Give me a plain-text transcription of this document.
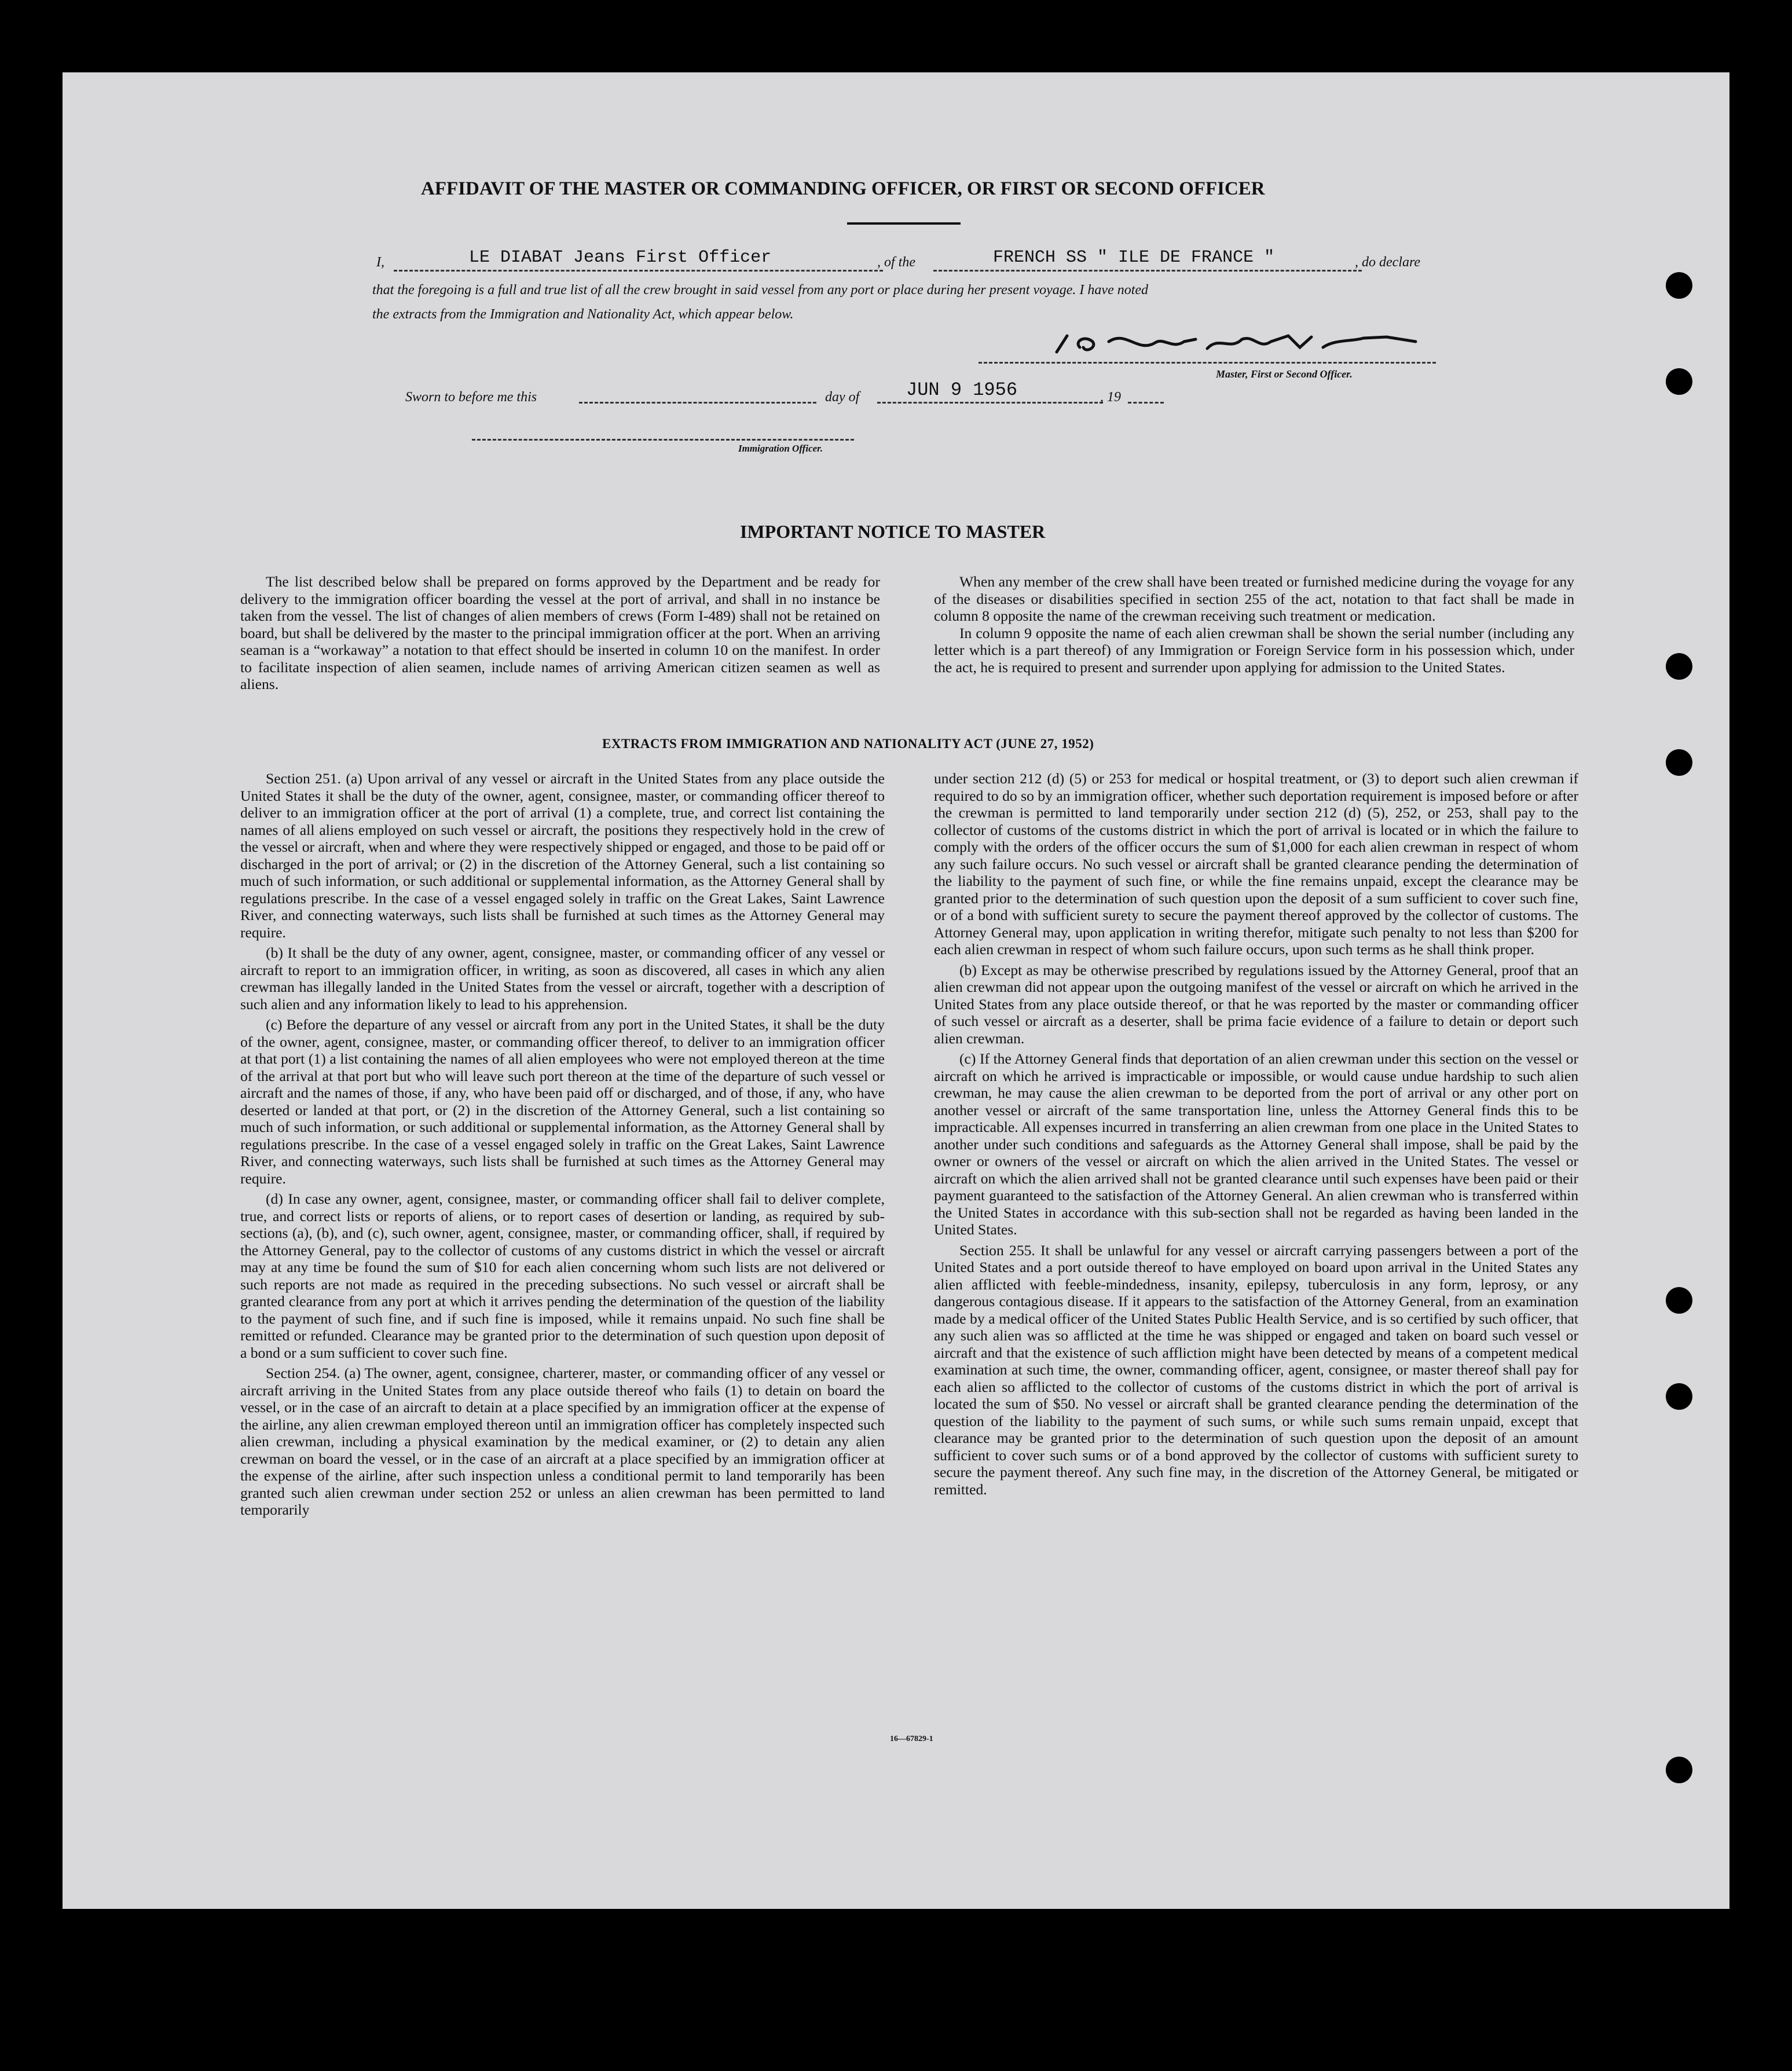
AFFIDAVIT OF THE MASTER OR COMMANDING OFFICER, OR FIRST OR SECOND OFFICER
I,	LE DIABAT Jeans First Officer	, of the	FRENCH SS " ILE DE FRANCE "	, do declare
that the foregoing is a full and true list of all the crew brought in said vessel from any port or place during her present voyage. I have noted
the extracts from the Immigration and Nationality Act, which appear below.
Master, First or Second Officer.
Sworn to before me this	day of	JUN 9 1956	, 19
Immigration Officer.
IMPORTANT NOTICE TO MASTER

The list described below shall be prepared on forms approved by the Department and be ready for delivery to the immigration officer boarding the vessel at the port of arrival, and shall in no instance be taken from the vessel. The list of changes of alien members of crews (Form I-489) shall not be retained on board, but shall be delivered by the master to the principal immigration officer at the port. When an arriving seaman is a “workaway” a notation to that effect should be inserted in column 10 on the manifest. In order to facilitate inspection of alien seamen, include names of arriving American citizen seamen as well as aliens.

When any member of the crew shall have been treated or furnished medicine during the voyage for any of the diseases or disabilities specified in section 255 of the act, notation to that fact shall be made in column 8 opposite the name of the crewman receiving such treatment or medication.

In column 9 opposite the name of each alien crewman shall be shown the serial number (including any letter which is a part thereof) of any Immigration or Foreign Service form in his possession which, under the act, he is required to present and surrender upon applying for admission to the United States.

EXTRACTS FROM IMMIGRATION AND NATIONALITY ACT (JUNE 27, 1952)

Section 251. (a) Upon arrival of any vessel or aircraft in the United States from any place outside the United States it shall be the duty of the owner, agent, consignee, master, or commanding officer thereof to deliver to an immigration officer at the port of arrival (1) a complete, true, and correct list containing the names of all aliens employed on such vessel or aircraft, the positions they respectively hold in the crew of the vessel or aircraft, when and where they were respectively shipped or engaged, and those to be paid off or discharged in the port of arrival; or (2) in the discretion of the Attorney General, such a list containing so much of such information, or such additional or supplemental information, as the Attorney General shall by regulations prescribe. In the case of a vessel engaged solely in traffic on the Great Lakes, Saint Lawrence River, and connecting waterways, such lists shall be furnished at such times as the Attorney General may require.

(b) It shall be the duty of any owner, agent, consignee, master, or commanding officer of any vessel or aircraft to report to an immigration officer, in writing, as soon as discovered, all cases in which any alien crewman has illegally landed in the United States from the vessel or aircraft, together with a description of such alien and any information likely to lead to his apprehension.

(c) Before the departure of any vessel or aircraft from any port in the United States, it shall be the duty of the owner, agent, consignee, master, or commanding officer thereof, to deliver to an immigration officer at that port (1) a list containing the names of all alien employees who were not employed thereon at the time of the arrival at that port but who will leave such port thereon at the time of the departure of such vessel or aircraft and the names of those, if any, who have been paid off or discharged, and of those, if any, who have deserted or landed at that port, or (2) in the discretion of the Attorney General, such a list containing so much of such information, or such additional or supplemental information, as the Attorney General shall by regulations prescribe. In the case of a vessel engaged solely in traffic on the Great Lakes, Saint Lawrence River, and connecting waterways, such lists shall be furnished at such times as the Attorney General may require.

(d) In case any owner, agent, consignee, master, or commanding officer shall fail to deliver complete, true, and correct lists or reports of aliens, or to report cases of desertion or landing, as required by sub-sections (a), (b), and (c), such owner, agent, consignee, master, or commanding officer, shall, if required by the Attorney General, pay to the collector of customs of any customs district in which the vessel or aircraft may at any time be found the sum of $10 for each alien concerning whom such lists are not delivered or such reports are not made as required in the preceding subsections. No such vessel or aircraft shall be granted clearance from any port at which it arrives pending the determination of the question of the liability to the payment of such fine, and if such fine is imposed, while it remains unpaid. No such fine shall be remitted or refunded. Clearance may be granted prior to the determination of such question upon deposit of a bond or a sum sufficient to cover such fine.

Section 254. (a) The owner, agent, consignee, charterer, master, or commanding officer of any vessel or aircraft arriving in the United States from any place outside thereof who fails (1) to detain on board the vessel, or in the case of an aircraft to detain at a place specified by an immigration officer at the expense of the airline, any alien crewman employed thereon until an immigration officer has completely inspected such alien crewman, including a physical examination by the medical examiner, or (2) to detain any alien crewman on board the vessel, or in the case of an aircraft at a place specified by an immigration officer at the expense of the airline, after such inspection unless a conditional permit to land temporarily has been granted such alien crewman under section 252 or unless an alien crewman has been permitted to land temporarily

under section 212 (d) (5) or 253 for medical or hospital treatment, or (3) to deport such alien crewman if required to do so by an immigration officer, whether such deportation requirement is imposed before or after the crewman is permitted to land temporarily under section 212 (d) (5), 252, or 253, shall pay to the collector of customs of the customs district in which the port of arrival is located or in which the failure to comply with the orders of the officer occurs the sum of $1,000 for each alien crewman in respect of whom any such failure occurs. No such vessel or aircraft shall be granted clearance pending the determination of the liability to the payment of such fine, or while the fine remains unpaid, except the clearance may be granted prior to the determination of such question upon the deposit of a sum sufficient to cover such fine, or of a bond with sufficient surety to secure the payment thereof approved by the collector of customs. The Attorney General may, upon application in writing therefor, mitigate such penalty to not less than $200 for each alien crewman in respect of whom such failure occurs, upon such terms as he shall think proper.

(b) Except as may be otherwise prescribed by regulations issued by the Attorney General, proof that an alien crewman did not appear upon the outgoing manifest of the vessel or aircraft on which he arrived in the United States from any place outside thereof, or that he was reported by the master or commanding officer of such vessel or aircraft as a deserter, shall be prima facie evidence of a failure to detain or deport such alien crewman.

(c) If the Attorney General finds that deportation of an alien crewman under this section on the vessel or aircraft on which he arrived is impracticable or impossible, or would cause undue hardship to such alien crewman, he may cause the alien crewman to be deported from the port of arrival or any other port on another vessel or aircraft of the same transportation line, unless the Attorney General finds this to be impracticable. All expenses incurred in transferring an alien crewman from one place in the United States to another under such conditions and safeguards as the Attorney General shall impose, shall be paid by the owner or owners of the vessel or aircraft on which the alien arrived in the United States. The vessel or aircraft on which the alien arrived shall not be granted clearance until such expenses have been paid or their payment guaranteed to the satisfaction of the Attorney General. An alien crewman who is transferred within the United States in accordance with this sub-section shall not be regarded as having been landed in the United States.

Section 255. It shall be unlawful for any vessel or aircraft carrying passengers between a port of the United States and a port outside thereof to have employed on board upon arrival in the United States any alien afflicted with feeble-mindedness, insanity, epilepsy, tuberculosis in any form, leprosy, or any dangerous contagious disease. If it appears to the satisfaction of the Attorney General, from an examination made by a medical officer of the United States Public Health Service, and is so certified by such officer, that any such alien was so afflicted at the time he was shipped or engaged and taken on board such vessel or aircraft and that the existence of such affliction might have been detected by means of a competent medical examination at such time, the owner, commanding officer, agent, consignee, or master thereof shall pay for each alien so afflicted to the collector of customs of the customs district in which the port of arrival is located the sum of $50. No vessel or aircraft shall be granted clearance pending the determination of the question of the liability to the payment of such sums, or while such sums remain unpaid, except that clearance may be granted prior to the determination of such question upon the deposit of an amount sufficient to cover such sums or of a bond approved by the collector of customs with sufficient surety to secure the payment thereof. Any such fine may, in the discretion of the Attorney General, be mitigated or remitted.

16—67829-1
